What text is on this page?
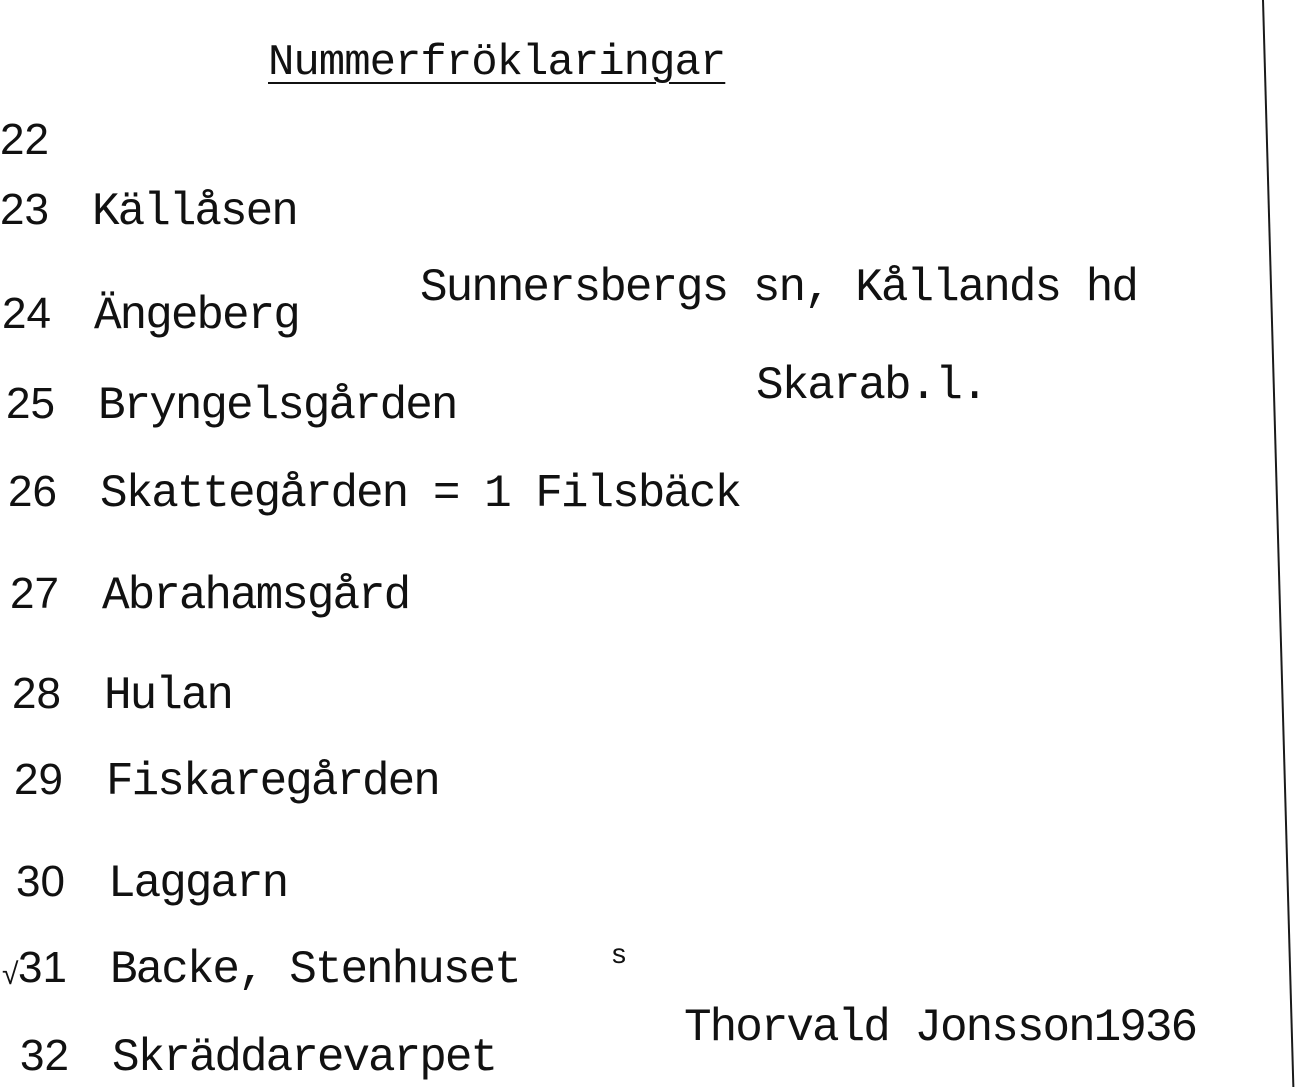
Nummerfröklaringar
22
23 Källåsen
24 Ängeberg
25 Bryngelsgården
26 Skattegården = 1 Filsbäck
27 Abrahamsgård
28 Hulan
29 Fiskaregården
30 Laggarn
√ 31 Backe, Stenhuset	s
32 Skräddarevarpet
Sunnersbergs sn, Kållands hd
Skarab.l.
Thorvald Jonsson1936
